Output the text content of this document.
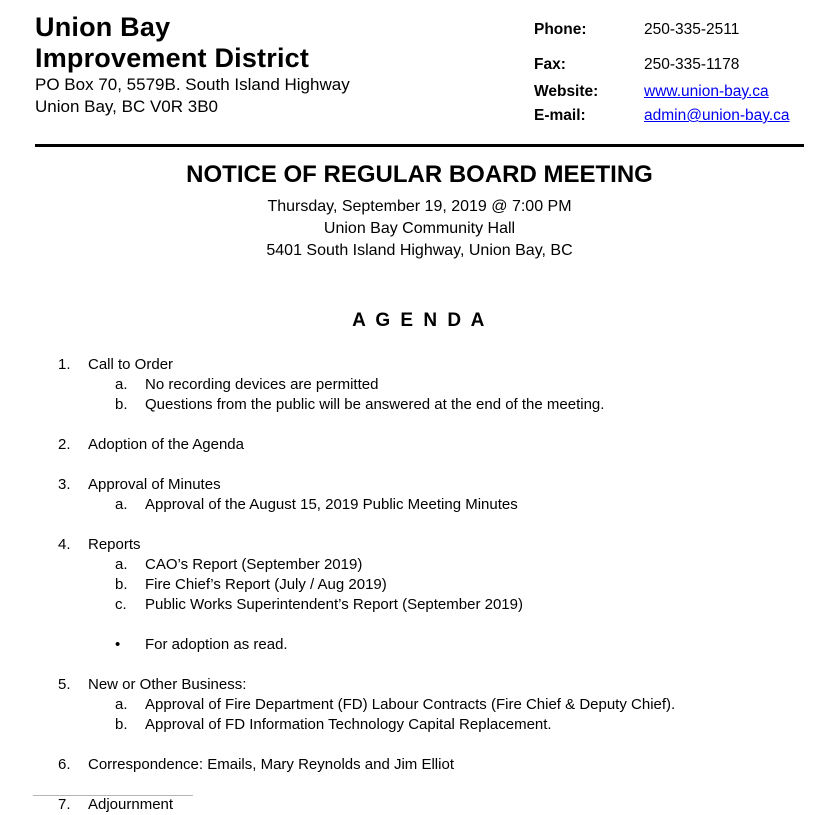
Union Bay
Improvement District
PO Box 70, 5579B. South Island Highway
Union Bay, BC V0R 3B0
Phone:	250-335-2511
Fax:	250-335-1178
Website:	www.union-bay.ca
E-mail:	admin@union-bay.ca
NOTICE OF REGULAR BOARD MEETING
Thursday, September 19, 2019 @ 7:00 PM
Union Bay Community Hall
5401 South Island Highway, Union Bay, BC
A G E N D A
1.	Call to Order
a.	No recording devices are permitted
b.	Questions from the public will be answered at the end of the meeting.
2.	Adoption of the Agenda
3.	Approval of Minutes
a.	Approval of the August 15, 2019 Public Meeting Minutes
4.	Reports
a.	CAO’s Report (September 2019)
b.	Fire Chief’s Report (July / Aug 2019)
c.	Public Works Superintendent’s Report (September 2019)
•	For adoption as read.
5.	New or Other Business:
a.	Approval of Fire Department (FD) Labour Contracts (Fire Chief & Deputy Chief).
b.	Approval of FD Information Technology Capital Replacement.
6.	Correspondence: Emails, Mary Reynolds and Jim Elliot
7.	Adjournment
